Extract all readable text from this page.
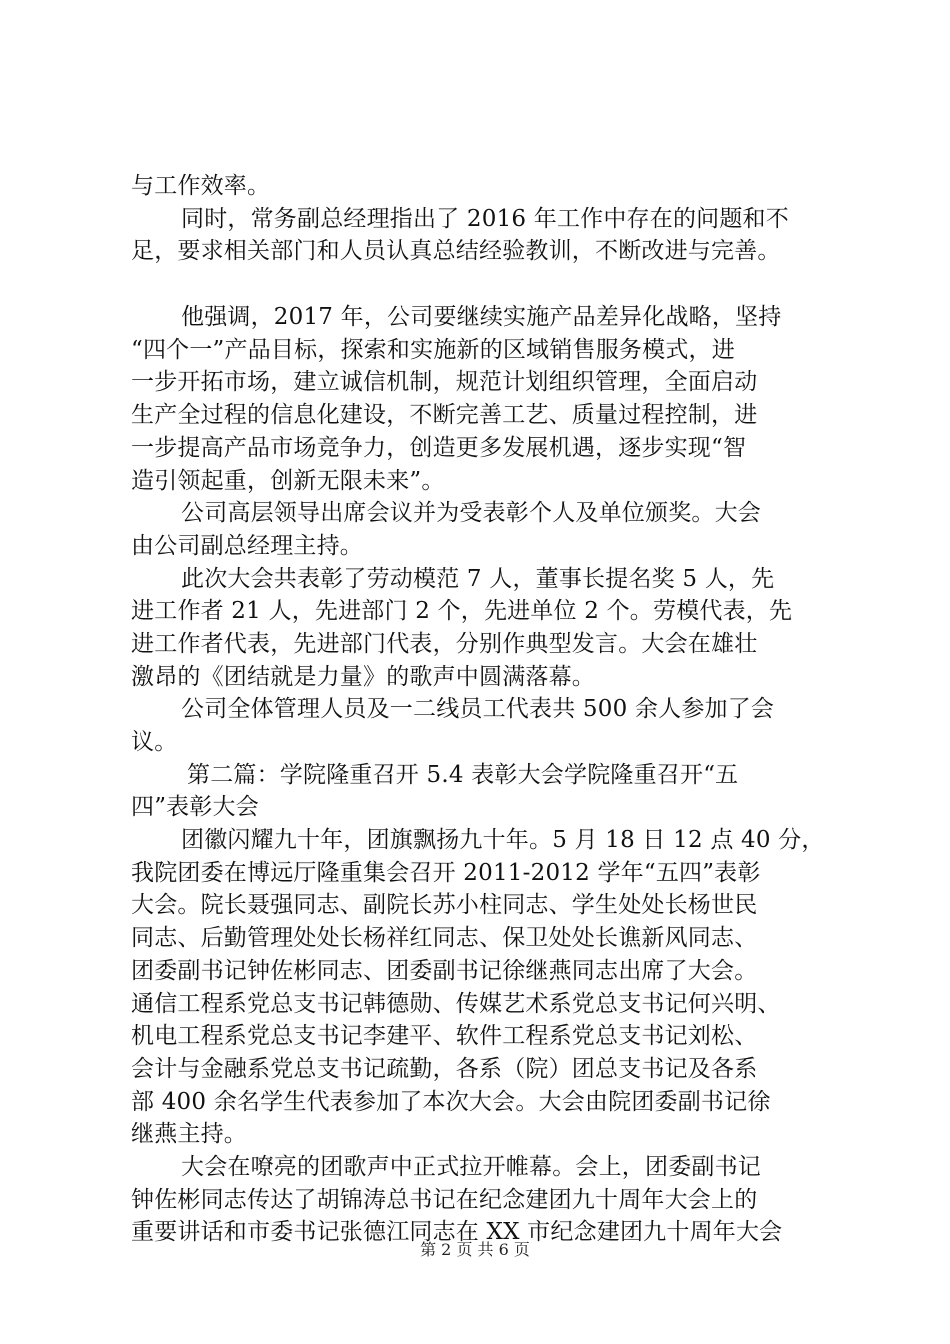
与工作效率。
同时，常务副总经理指出了 2016 年工作中存在的问题和不
足，要求相关部门和人员认真总结经验教训，不断改进与完善。
他强调，2017 年，公司要继续实施产品差异化战略，坚持
“四个一”产品目标，探索和实施新的区域销售服务模式，进
一步开拓市场，建立诚信机制，规范计划组织管理，全面启动
生产全过程的信息化建设，不断完善工艺、质量过程控制，进
一步提高产品市场竞争力，创造更多发展机遇，逐步实现“智
造引领起重，创新无限未来”。
公司高层领导出席会议并为受表彰个人及单位颁奖。大会
由公司副总经理主持。
此次大会共表彰了劳动模范 7 人，董事长提名奖 5 人，先
进工作者 21 人，先进部门 2 个，先进单位 2 个。劳模代表，先
进工作者代表，先进部门代表，分别作典型发言。大会在雄壮
激昂的《团结就是力量》的歌声中圆满落幕。
公司全体管理人员及一二线员工代表共 500 余人参加了会
议。
第二篇：学院隆重召开 5.4 表彰大会学院隆重召开“五
四”表彰大会
团徽闪耀九十年，团旗飘扬九十年。5 月 18 日 12 点 40 分，
我院团委在博远厅隆重集会召开 2011-2012 学年“五四”表彰
大会。院长聂强同志、副院长苏小柱同志、学生处处长杨世民
同志、后勤管理处处长杨祥红同志、保卫处处长谯新风同志、
团委副书记钟佐彬同志、团委副书记徐继燕同志出席了大会。
通信工程系党总支书记韩德勋、传媒艺术系党总支书记何兴明、
机电工程系党总支书记李建平、软件工程系党总支书记刘松、
会计与金融系党总支书记疏勤，各系（院）团总支书记及各系
部 400 余名学生代表参加了本次大会。大会由院团委副书记徐
继燕主持。
大会在嘹亮的团歌声中正式拉开帷幕。会上，团委副书记
钟佐彬同志传达了胡锦涛总书记在纪念建团九十周年大会上的
重要讲话和市委书记张德江同志在 XX 市纪念建团九十周年大会
第 2 页 共 6 页
